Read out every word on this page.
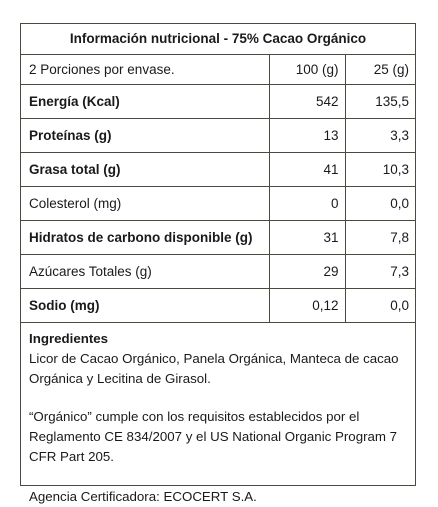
Información nutricional - 75% Cacao Orgánico
2 Porciones por envase.	100 (g)	25 (g)
Energía (Kcal)	542	135,5
Proteínas (g)	13	3,3
Grasa total (g)	41	10,3
Colesterol (mg)	0	0,0
Hidratos de carbono disponible (g)	31	7,8
Azúcares Totales (g)	29	7,3
Sodio (mg)	0,12	0,0
Ingredientes

Licor de Cacao Orgánico, Panela Orgánica, Manteca de cacao Orgánica y Lecitina de Girasol.

“Orgánico” cumple con los requisitos establecidos por el Reglamento CE 834/2007 y el US National Organic Program 7 CFR Part 205.

Agencia Certificadora: ECOCERT S.A.
